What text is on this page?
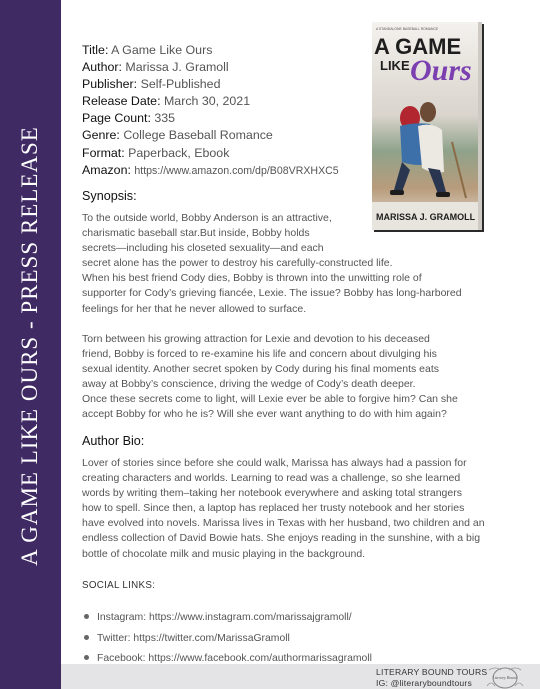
A GAME LIKE OURS - PRESS RELEASE
Title: A Game Like Ours
Author: Marissa J. Gramoll
Publisher: Self-Published
Release Date: March 30, 2021
Page Count: 335
Genre: College Baseball Romance
Format: Paperback, Ebook
Amazon: https://www.amazon.com/dp/B08VRXHXC5
A STANDALONE BASEBALL ROMANCE
A GAME
LIKE Ours
MARISSA J. GRAMOLL
Synopsis:
To the outside world, Bobby Anderson is an attractive,
charismatic baseball star.But inside, Bobby holds
secrets—including his closeted sexuality—and each
secret alone has the power to destroy his carefully-constructed life.
When his best friend Cody dies, Bobby is thrown into the unwitting role of
supporter for Cody’s grieving fiancée, Lexie. The issue? Bobby has long-harbored
feelings for her that he never allowed to surface.
Torn between his growing attraction for Lexie and devotion to his deceased
friend, Bobby is forced to re-examine his life and concern about divulging his
sexual identity. Another secret spoken by Cody during his final moments eats
away at Bobby’s conscience, driving the wedge of Cody’s death deeper.
Once these secrets come to light, will Lexie ever be able to forgive him? Can she
accept Bobby for who he is? Will she ever want anything to do with him again?
Author Bio:
Lover of stories since before she could walk, Marissa has always had a passion for
creating characters and worlds. Learning to read was a challenge, so she learned
words by writing them–taking her notebook everywhere and asking total strangers
how to spell. Since then, a laptop has replaced her trusty notebook and her stories
have evolved into novels. Marissa lives in Texas with her husband, two children and an
endless collection of David Bowie hats. She enjoys reading in the sunshine, with a big
bottle of chocolate milk and music playing in the background.
SOCIAL LINKS:
Instagram: https://www.instagram.com/marissajgramoll/
Twitter: https://twitter.com/MarissaGramoll
Facebook: https://www.facebook.com/authormarissagramoll
LITERARY BOUND TOURS
IG: @literaryboundtours	Literary Bound
